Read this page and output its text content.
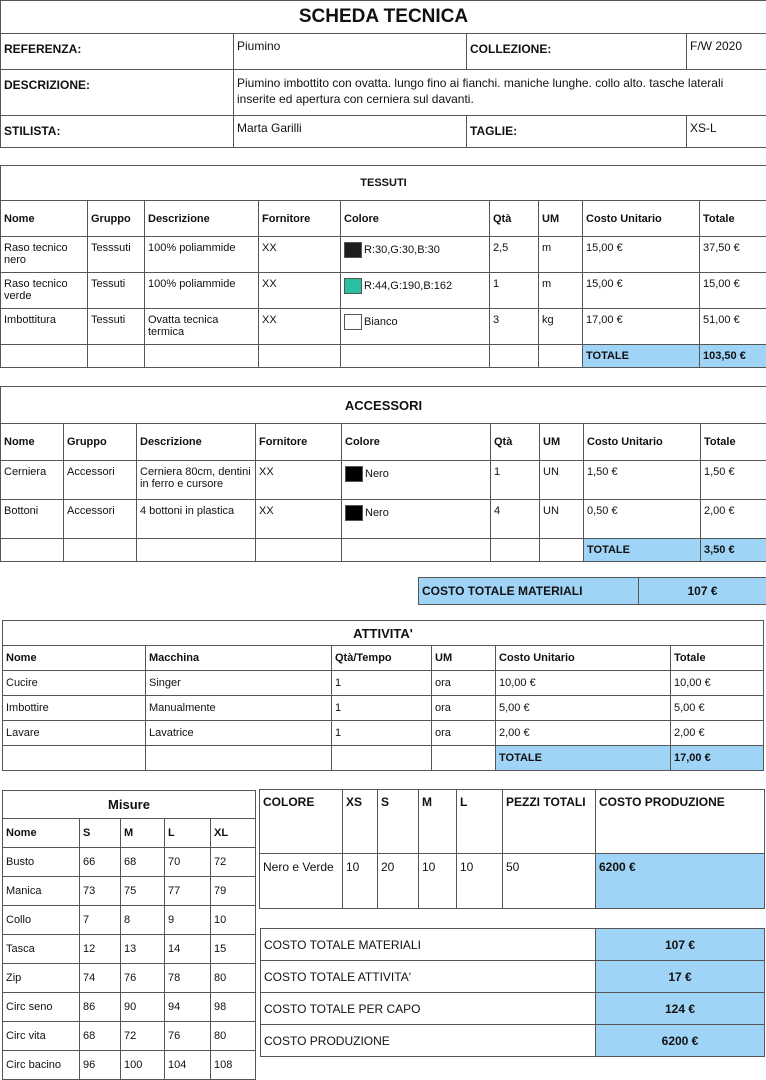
SCHEDA TECNICA			
REFERENZA:	Piumino	COLLEZIONE:	F/W 2020
DESCRIZIONE:	Piumino imbottito con ovatta. lungo fino ai fianchi. maniche lunghe. collo alto. tasche laterali inserite ed apertura con cerniera sul davanti.		
STILISTA:	Marta Garilli	TAGLIE:	XS-L
TESSUTI								
Nome	Gruppo	Descrizione	Fornitore	Colore	Qtà	UM	Costo Unitario	Totale
Raso tecnico nero	Tesssuti	100% poliammide	XX	R:30,G:30,B:30	2,5	m	15,00 €	37,50 €
Raso tecnico verde	Tessuti	100% poliammide	XX	R:44,G:190,B:162	1	m	15,00 €	15,00 €
Imbottitura	Tessuti	Ovatta tecnica termica	XX	Bianco	3	kg	17,00 €	51,00 €
							TOTALE	103,50 €
ACCESSORI								
Nome	Gruppo	Descrizione	Fornitore	Colore	Qtà	UM	Costo Unitario	Totale
Cerniera	Accessori	Cerniera 80cm, dentini in ferro e cursore	XX	Nero	1	UN	1,50 €	1,50 €
Bottoni	Accessori	4 bottoni in plastica	XX	Nero	4	UN	0,50 €	2,00 €
							TOTALE	3,50 €
COSTO TOTALE MATERIALI	107 €
ATTIVITA'					
Nome	Macchina	Qtà/Tempo	UM	Costo Unitario	Totale
Cucire	Singer	1	ora	10,00 €	10,00 €
Imbottire	Manualmente	1	ora	5,00 €	5,00 €
Lavare	Lavatrice	1	ora	2,00 €	2,00 €
				TOTALE	17,00 €
Misure				
Nome	S	M	L	XL
Busto	66	68	70	72
Manica	73	75	77	79
Collo	7	8	9	10
Tasca	12	13	14	15
Zip	74	76	78	80
Circ seno	86	90	94	98
Circ vita	68	72	76	80
Circ bacino	96	100	104	108
COLORE	XS	S	M	L	PEZZI TOTALI	COSTO PRODUZIONE
Nero e Verde	10	20	10	10	50	6200 €
COSTO TOTALE MATERIALI	107 €
COSTO TOTALE ATTIVITA'	17 €
COSTO TOTALE PER CAPO	124 €
COSTO PRODUZIONE	6200 €
